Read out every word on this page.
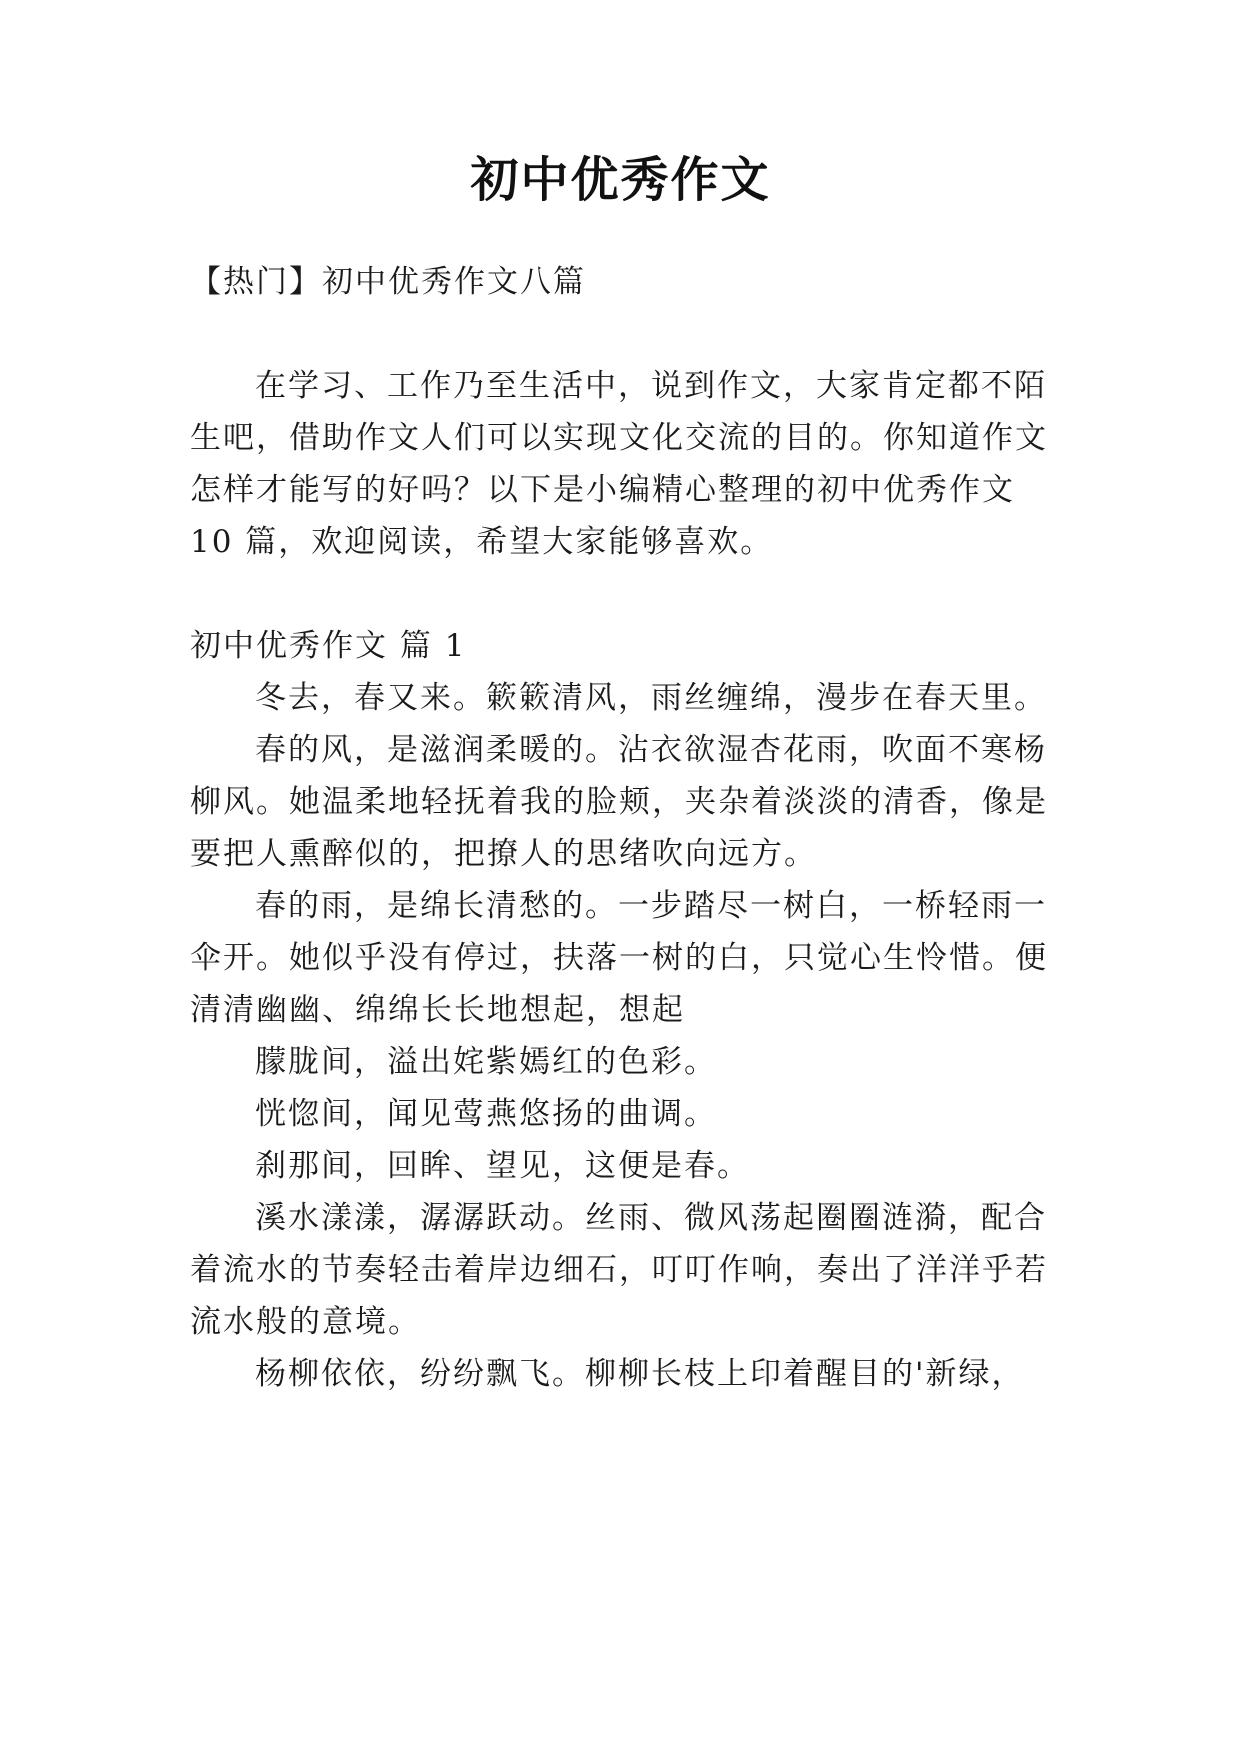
初中优秀作文
【热门】初中优秀作文八篇
在学习、工作乃至生活中，说到作文，大家肯定都不陌
生吧，借助作文人们可以实现文化交流的目的。你知道作文
怎样才能写的好吗？以下是小编精心整理的初中优秀作文
10 篇，欢迎阅读，希望大家能够喜欢。
初中优秀作文 篇 1
冬去，春又来。簌簌清风，雨丝缠绵，漫步在春天里。
春的风，是滋润柔暖的。沾衣欲湿杏花雨，吹面不寒杨
柳风。她温柔地轻抚着我的脸颊，夹杂着淡淡的清香，像是
要把人熏醉似的，把撩人的思绪吹向远方。
春的雨，是绵长清愁的。一步踏尽一树白，一桥轻雨一
伞开。她似乎没有停过，扶落一树的白，只觉心生怜惜。便
清清幽幽、绵绵长长地想起，想起
朦胧间，溢出姹紫嫣红的色彩。
恍惚间，闻见莺燕悠扬的曲调。
刹那间，回眸、望见，这便是春。
溪水漾漾，潺潺跃动。丝雨、微风荡起圈圈涟漪，配合
着流水的节奏轻击着岸边细石，叮叮作响，奏出了洋洋乎若
流水般的意境。
杨柳依依，纷纷飘飞。柳柳长枝上印着醒目的'新绿，
